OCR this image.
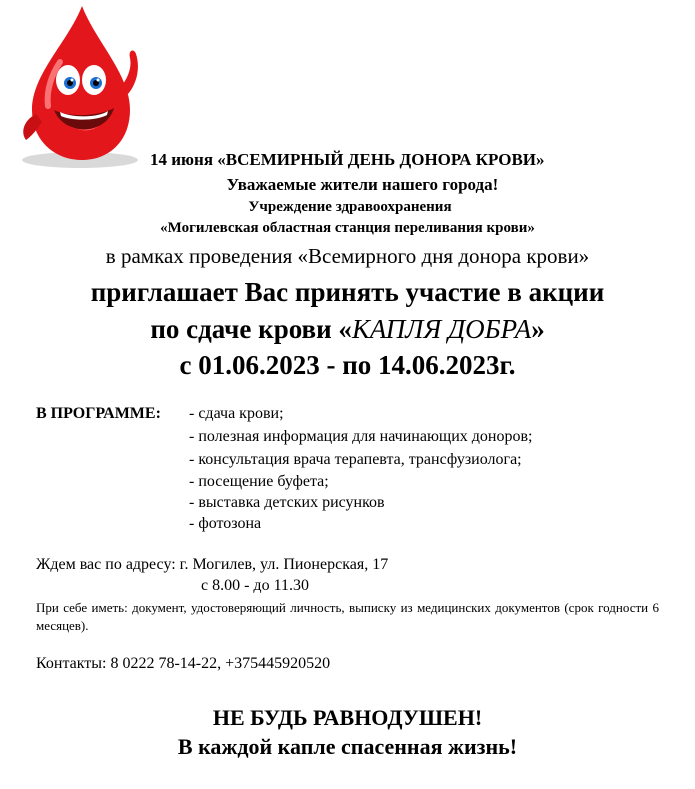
14 июня «ВСЕМИРНЫЙ ДЕНЬ ДОНОРА КРОВИ»
Уважаемые жители нашего города!
Учреждение здравоохранения
«Могилевская областная станция переливания крови»
в рамках проведения «Всемирного дня донора крови»
приглашает Вас принять участие в акции
по сдаче крови «КАПЛЯ ДОБРА»
с 01.06.2023 - по 14.06.2023г.
В ПРОГРАММЕ: - сдача крови;
- полезная информация для начинающих доноров;
- консультация врача терапевта, трансфузиолога;
- посещение буфета;
- выставка детских рисунков
- фотозона
Ждем вас по адресу: г. Могилев, ул. Пионерская, 17
с 8.00 - до 11.30
При себе иметь: документ, удостоверяющий личность, выписку из медицинских документов (срок годности 6 месяцев).
Контакты: 8 0222 78-14-22, +375445920520
НЕ БУДЬ РАВНОДУШЕН!
В каждой капле спасенная жизнь!
